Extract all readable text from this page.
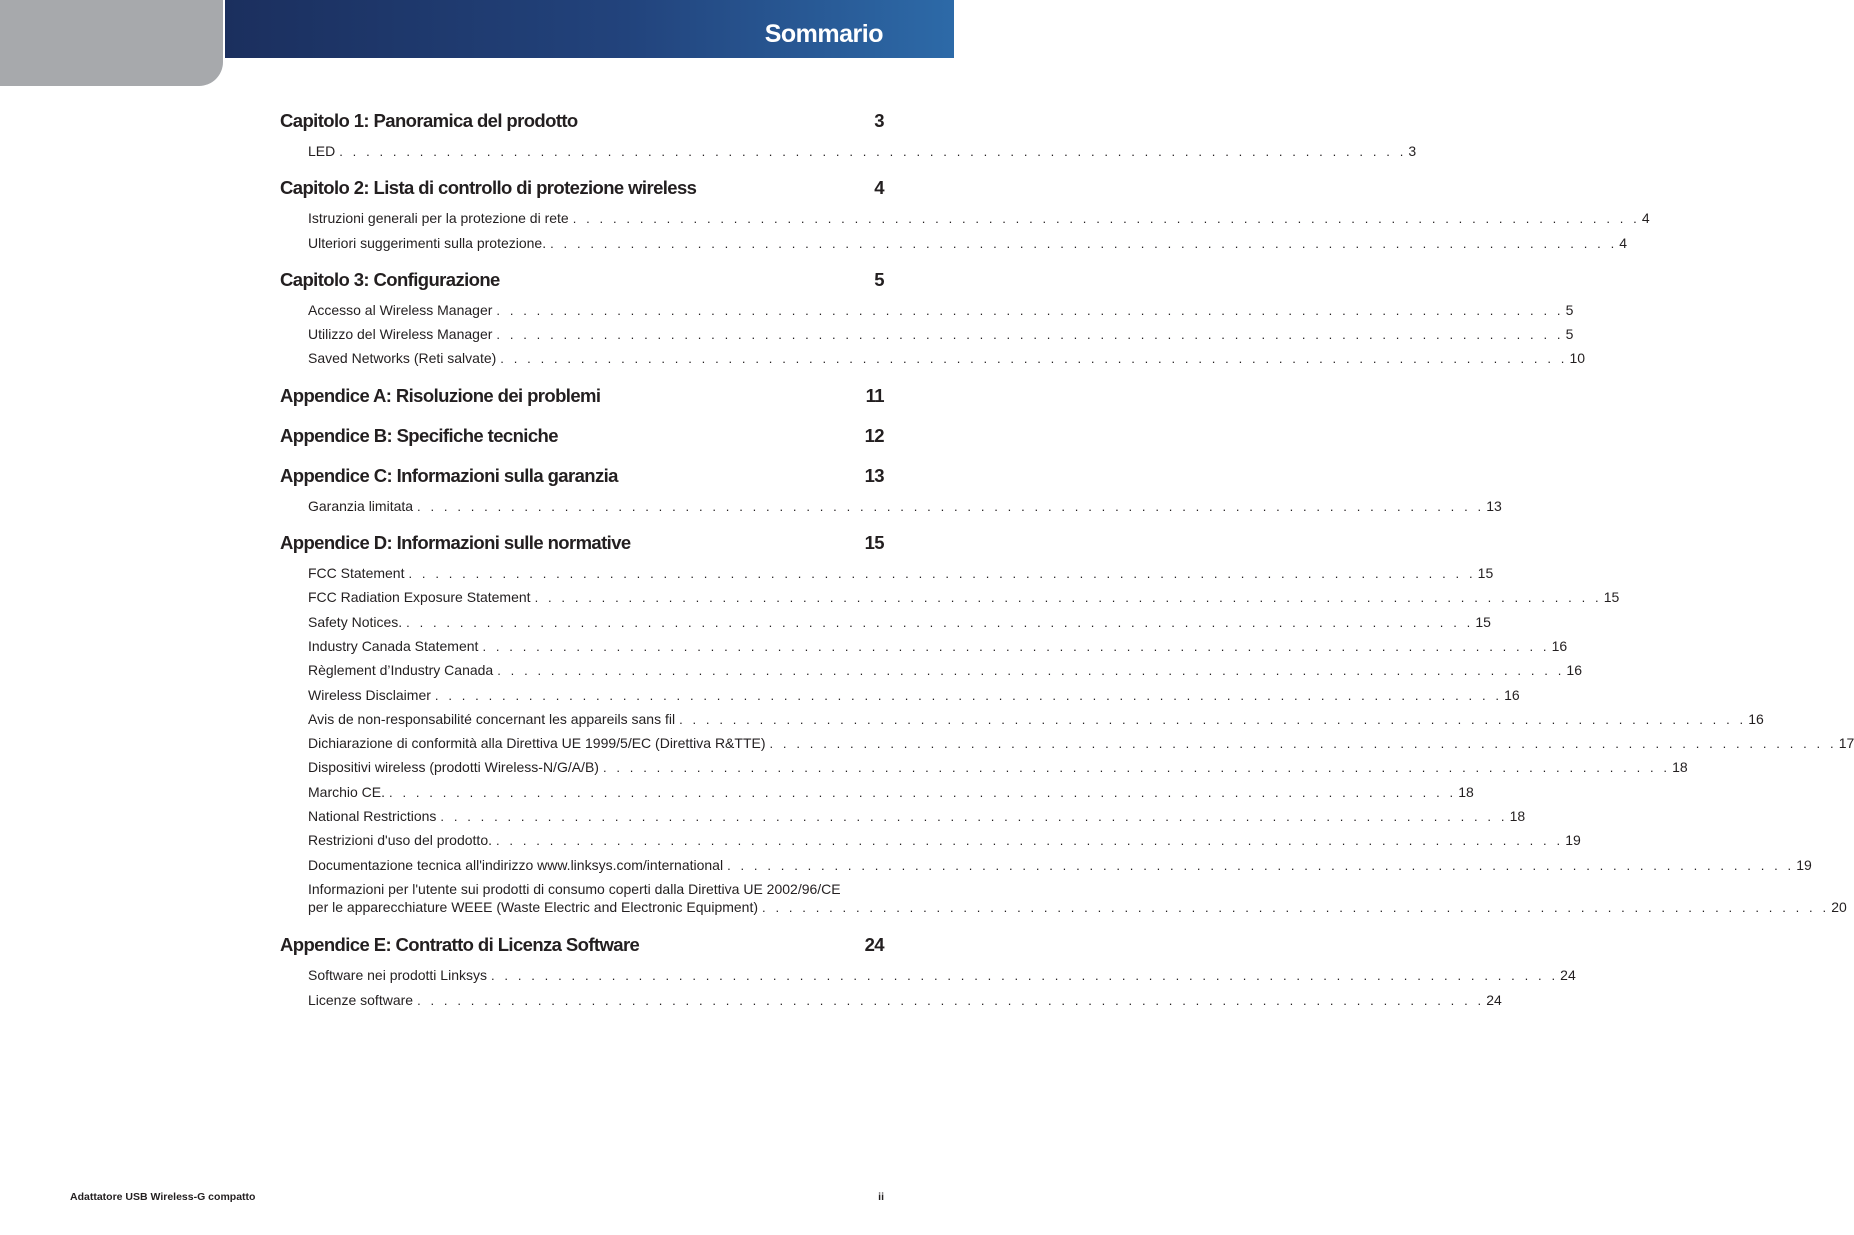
Sommario
Capitolo 1: Panoramica del prodotto	3
LED . . . . . . . . . . . . . . . . . . . . . . . . . . . . . . . . . . . . . . . . . . . . . . . . . . . . . . . . . . . . . . . . . . . . . . . . . . . . . . . . 3
Capitolo 2: Lista di controllo di protezione wireless	4
Istruzioni generali per la protezione di rete . . . . . . . . . . . . . . . . . . . . . . . . . . . . . . . . . . . . . . . . . . . . . . . . . . . . . . . . . . . . . . . . . . . . . . . . . . . . . . . . 4
Ulteriori suggerimenti sulla protezione. . . . . . . . . . . . . . . . . . . . . . . . . . . . . . . . . . . . . . . . . . . . . . . . . . . . . . . . . . . . . . . . . . . . . . . . . . . . . . . . . 4
Capitolo 3: Configurazione	5
Accesso al Wireless Manager . . . . . . . . . . . . . . . . . . . . . . . . . . . . . . . . . . . . . . . . . . . . . . . . . . . . . . . . . . . . . . . . . . . . . . . . . . . . . . . . 5
Utilizzo del Wireless Manager . . . . . . . . . . . . . . . . . . . . . . . . . . . . . . . . . . . . . . . . . . . . . . . . . . . . . . . . . . . . . . . . . . . . . . . . . . . . . . . . 5
Saved Networks (Reti salvate) . . . . . . . . . . . . . . . . . . . . . . . . . . . . . . . . . . . . . . . . . . . . . . . . . . . . . . . . . . . . . . . . . . . . . . . . . . . . . . . . 10
Appendice A: Risoluzione dei problemi	11
Appendice B: Specifiche tecniche	12
Appendice C: Informazioni sulla garanzia	13
Garanzia limitata . . . . . . . . . . . . . . . . . . . . . . . . . . . . . . . . . . . . . . . . . . . . . . . . . . . . . . . . . . . . . . . . . . . . . . . . . . . . . . . . 13
Appendice D: Informazioni sulle normative	15
FCC Statement . . . . . . . . . . . . . . . . . . . . . . . . . . . . . . . . . . . . . . . . . . . . . . . . . . . . . . . . . . . . . . . . . . . . . . . . . . . . . . . . 15
FCC Radiation Exposure Statement . . . . . . . . . . . . . . . . . . . . . . . . . . . . . . . . . . . . . . . . . . . . . . . . . . . . . . . . . . . . . . . . . . . . . . . . . . . . . . . . 15
Safety Notices. . . . . . . . . . . . . . . . . . . . . . . . . . . . . . . . . . . . . . . . . . . . . . . . . . . . . . . . . . . . . . . . . . . . . . . . . . . . . . . . . 15
Industry Canada Statement . . . . . . . . . . . . . . . . . . . . . . . . . . . . . . . . . . . . . . . . . . . . . . . . . . . . . . . . . . . . . . . . . . . . . . . . . . . . . . . . 16
Règlement d’Industry Canada . . . . . . . . . . . . . . . . . . . . . . . . . . . . . . . . . . . . . . . . . . . . . . . . . . . . . . . . . . . . . . . . . . . . . . . . . . . . . . . . 16
Wireless Disclaimer . . . . . . . . . . . . . . . . . . . . . . . . . . . . . . . . . . . . . . . . . . . . . . . . . . . . . . . . . . . . . . . . . . . . . . . . . . . . . . . . 16
Avis de non-responsabilité concernant les appareils sans fil . . . . . . . . . . . . . . . . . . . . . . . . . . . . . . . . . . . . . . . . . . . . . . . . . . . . . . . . . . . . . . . . . . . . . . . . . . . . . . . . 16
Dichiarazione di conformità alla Direttiva UE 1999/5/EC (Direttiva R&TTE) . . . . . . . . . . . . . . . . . . . . . . . . . . . . . . . . . . . . . . . . . . . . . . . . . . . . . . . . . . . . . . . . . . . . . . . . . . . . . . . . 17
Dispositivi wireless (prodotti Wireless-N/G/A/B) . . . . . . . . . . . . . . . . . . . . . . . . . . . . . . . . . . . . . . . . . . . . . . . . . . . . . . . . . . . . . . . . . . . . . . . . . . . . . . . . 18
Marchio CE. . . . . . . . . . . . . . . . . . . . . . . . . . . . . . . . . . . . . . . . . . . . . . . . . . . . . . . . . . . . . . . . . . . . . . . . . . . . . . . . . 18
National Restrictions . . . . . . . . . . . . . . . . . . . . . . . . . . . . . . . . . . . . . . . . . . . . . . . . . . . . . . . . . . . . . . . . . . . . . . . . . . . . . . . . 18
Restrizioni d'uso del prodotto. . . . . . . . . . . . . . . . . . . . . . . . . . . . . . . . . . . . . . . . . . . . . . . . . . . . . . . . . . . . . . . . . . . . . . . . . . . . . . . . . 19
Documentazione tecnica all'indirizzo www.linksys.com/international . . . . . . . . . . . . . . . . . . . . . . . . . . . . . . . . . . . . . . . . . . . . . . . . . . . . . . . . . . . . . . . . . . . . . . . . . . . . . . . . 19
Informazioni per l'utente sui prodotti di consumo coperti dalla Direttiva UE 2002/96/CE
per le apparecchiature WEEE (Waste Electric and Electronic Equipment) . . . . . . . . . . . . . . . . . . . . . . . . . . . . . . . . . . . . . . . . . . . . . . . . . . . . . . . . . . . . . . . . . . . . . . . . . . . . . . . . 20
Appendice E: Contratto di Licenza Software	24
Software nei prodotti Linksys . . . . . . . . . . . . . . . . . . . . . . . . . . . . . . . . . . . . . . . . . . . . . . . . . . . . . . . . . . . . . . . . . . . . . . . . . . . . . . . . 24
Licenze software . . . . . . . . . . . . . . . . . . . . . . . . . . . . . . . . . . . . . . . . . . . . . . . . . . . . . . . . . . . . . . . . . . . . . . . . . . . . . . . . 24
Adattatore USB Wireless-G compatto	ii
